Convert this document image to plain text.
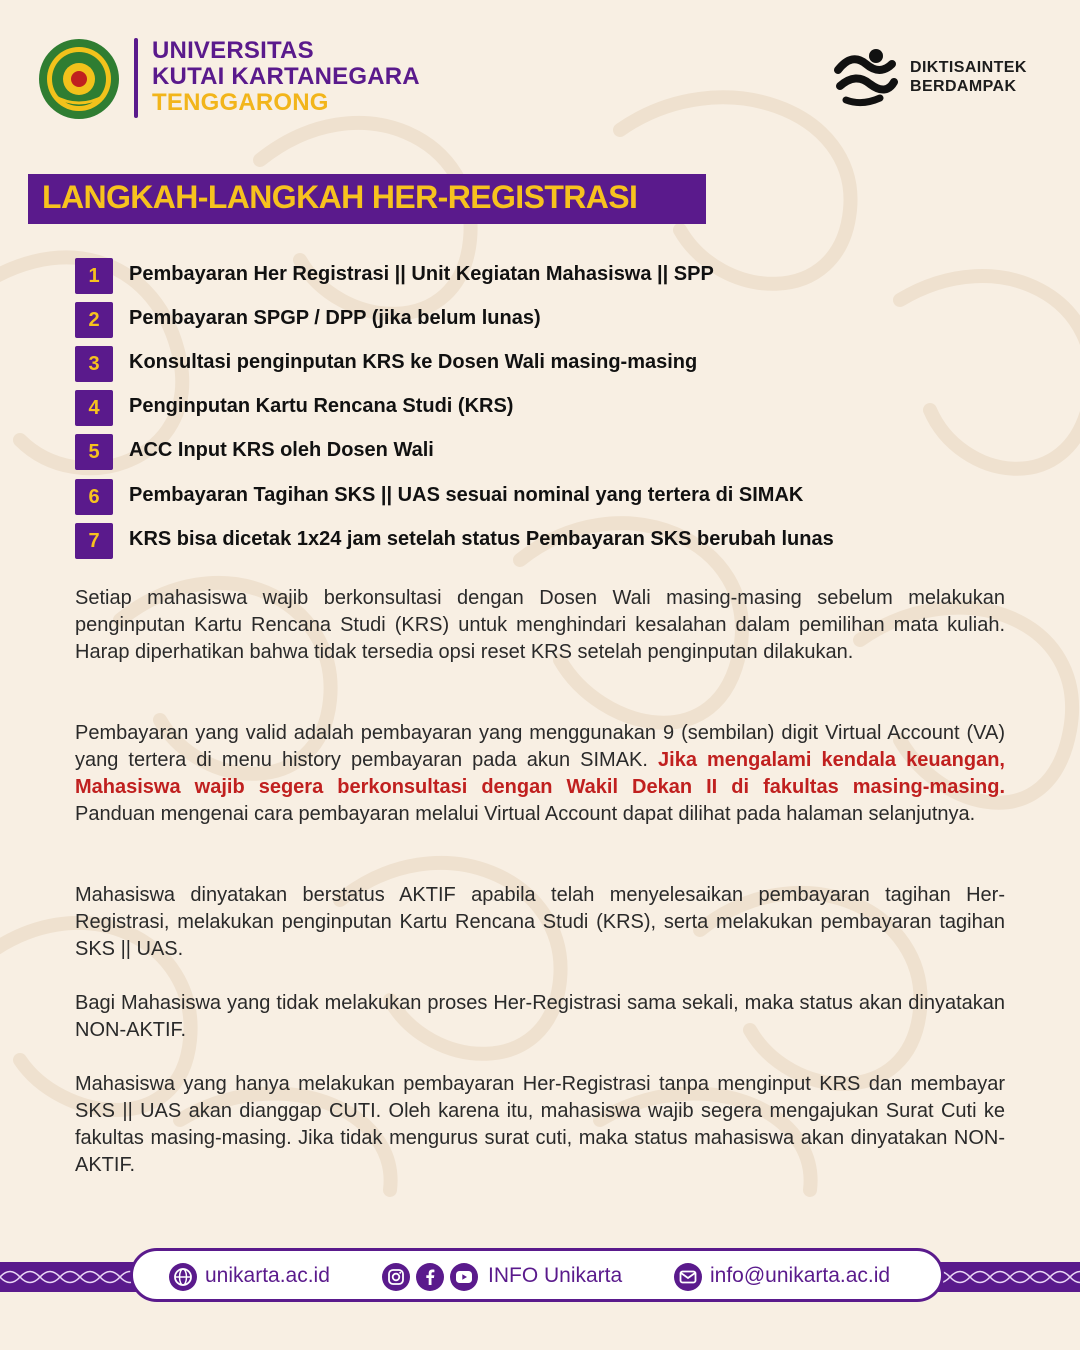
UNIVERSITAS
KUTAI KARTANEGARA
TENGGARONG
DIKTISAINTEK
BERDAMPAK
LANGKAH-LANGKAH HER-REGISTRASI
1	Pembayaran Her Registrasi || Unit Kegiatan Mahasiswa || SPP
2	Pembayaran SPGP / DPP (jika belum lunas)
3	Konsultasi penginputan KRS ke Dosen Wali masing-masing
4	Penginputan Kartu Rencana Studi (KRS)
5	ACC Input KRS oleh Dosen Wali
6	Pembayaran Tagihan SKS || UAS sesuai nominal yang tertera di SIMAK
7	KRS bisa dicetak 1x24 jam setelah status Pembayaran SKS berubah lunas
Setiap mahasiswa wajib berkonsultasi dengan Dosen Wali masing-masing sebelum melakukan penginputan Kartu Rencana Studi (KRS) untuk menghindari kesalahan dalam pemilihan mata kuliah. Harap diperhatikan bahwa tidak tersedia opsi reset KRS setelah penginputan dilakukan.
Pembayaran yang valid adalah pembayaran yang menggunakan 9 (sembilan) digit Virtual Account (VA) yang tertera di menu history pembayaran pada akun SIMAK. Jika mengalami kendala keuangan, Mahasiswa wajib segera berkonsultasi dengan Wakil Dekan II di fakultas masing-masing. Panduan mengenai cara pembayaran melalui Virtual Account dapat dilihat pada halaman selanjutnya.
Mahasiswa dinyatakan berstatus AKTIF apabila telah menyelesaikan pembayaran tagihan Her-Registrasi, melakukan penginputan Kartu Rencana Studi (KRS), serta melakukan pembayaran tagihan SKS || UAS.
Bagi Mahasiswa yang tidak melakukan proses Her-Registrasi sama sekali, maka status akan dinyatakan NON-AKTIF.
Mahasiswa yang hanya melakukan pembayaran Her-Registrasi tanpa menginput KRS dan membayar SKS || UAS akan dianggap CUTI. Oleh karena itu, mahasiswa wajib segera mengajukan Surat Cuti ke fakultas masing-masing. Jika tidak mengurus surat cuti, maka status mahasiswa akan dinyatakan NON-AKTIF.
unikarta.ac.id	INFO Unikarta	info@unikarta.ac.id
